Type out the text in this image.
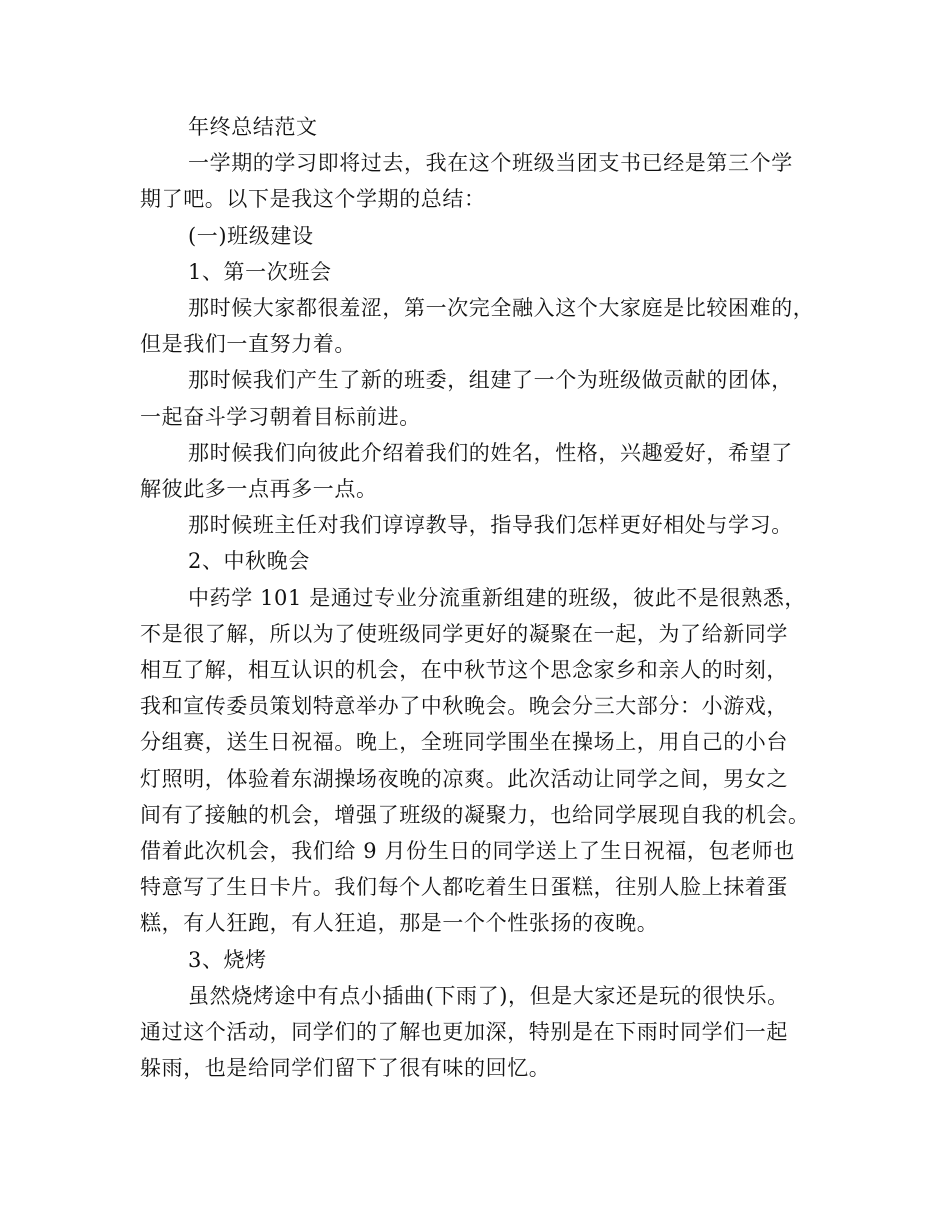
年终总结范文

一学期的学习即将过去，我在这个班级当团支书已经是第三个学
期了吧。以下是我这个学期的总结：

(一)班级建设

1、第一次班会

那时候大家都很羞涩，第一次完全融入这个大家庭是比较困难的，
但是我们一直努力着。

那时候我们产生了新的班委，组建了一个为班级做贡献的团体，
一起奋斗学习朝着目标前进。

那时候我们向彼此介绍着我们的姓名，性格，兴趣爱好，希望了
解彼此多一点再多一点。

那时候班主任对我们谆谆教导，指导我们怎样更好相处与学习。

2、中秋晚会

中药学 101 是通过专业分流重新组建的班级，彼此不是很熟悉，
不是很了解，所以为了使班级同学更好的凝聚在一起，为了给新同学
相互了解，相互认识的机会，在中秋节这个思念家乡和亲人的时刻，
我和宣传委员策划特意举办了中秋晚会。晚会分三大部分：小游戏，
分组赛，送生日祝福。晚上，全班同学围坐在操场上，用自己的小台
灯照明，体验着东湖操场夜晚的凉爽。此次活动让同学之间，男女之
间有了接触的机会，增强了班级的凝聚力，也给同学展现自我的机会。
借着此次机会，我们给 9 月份生日的同学送上了生日祝福，包老师也
特意写了生日卡片。我们每个人都吃着生日蛋糕，往别人脸上抹着蛋
糕，有人狂跑，有人狂追，那是一个个性张扬的夜晚。

3、烧烤

虽然烧烤途中有点小插曲(下雨了)，但是大家还是玩的很快乐。
通过这个活动，同学们的了解也更加深，特别是在下雨时同学们一起
躲雨，也是给同学们留下了很有味的回忆。
